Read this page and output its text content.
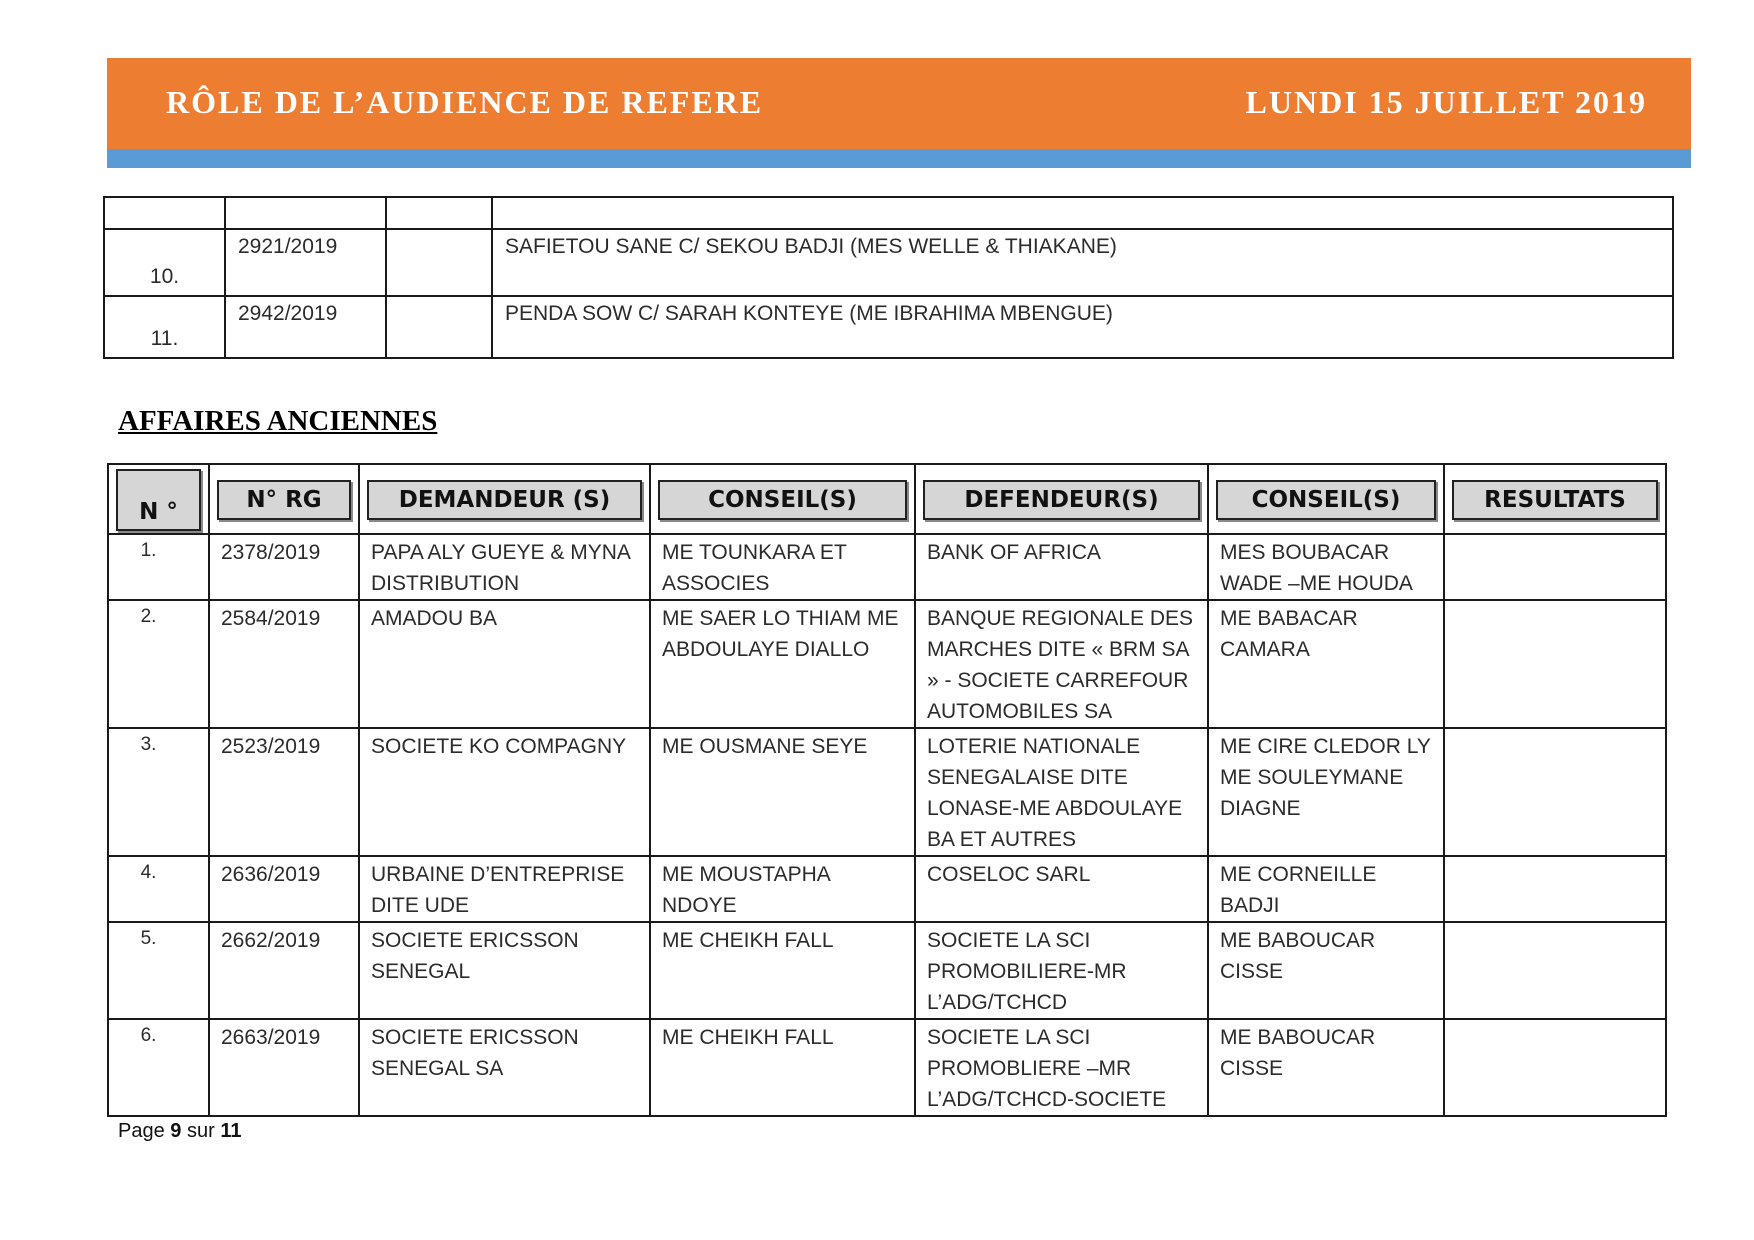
RÔLE DE L’AUDIENCE DE REFERE	LUNDI 15 JUILLET 2019

10.	2921/2019		SAFIETOU SANE C/ SEKOU BADJI (MES WELLE & THIAKANE)
11.	2942/2019		PENDA SOW C/ SARAH KONTEYE (ME IBRAHIMA MBENGUE)
AFFAIRES ANCIENNES
N °	N° RG	DEMANDEUR (S)	CONSEIL(S)	DEFENDEUR(S)	CONSEIL(S)	RESULTATS

1.	2378/2019	PAPA ALY GUEYE & MYNA DISTRIBUTION	ME TOUNKARA ET ASSOCIES	BANK OF AFRICA	MES BOUBACAR WADE –ME HOUDA	
2.	2584/2019	AMADOU BA	ME SAER LO THIAM ME ABDOULAYE DIALLO	BANQUE REGIONALE DES MARCHES DITE « BRM SA » - SOCIETE CARREFOUR AUTOMOBILES SA	ME BABACAR CAMARA	
3.	2523/2019	SOCIETE KO COMPAGNY	ME OUSMANE SEYE	LOTERIE NATIONALE SENEGALAISE DITE LONASE-ME ABDOULAYE BA ET AUTRES	ME CIRE CLEDOR LY ME SOULEYMANE DIAGNE	
4.	2636/2019	URBAINE D’ENTREPRISE DITE UDE	ME MOUSTAPHA NDOYE	COSELOC SARL	ME CORNEILLE BADJI	
5.	2662/2019	SOCIETE ERICSSON SENEGAL	ME CHEIKH FALL	SOCIETE LA SCI PROMOBILIERE-MR L’ADG/TCHCD	ME BABOUCAR CISSE	
6.	2663/2019	SOCIETE ERICSSON SENEGAL SA	ME CHEIKH FALL	SOCIETE LA SCI PROMOBLIERE –MR L’ADG/TCHCD-SOCIETE	ME BABOUCAR CISSE	
Page 9 sur 11
